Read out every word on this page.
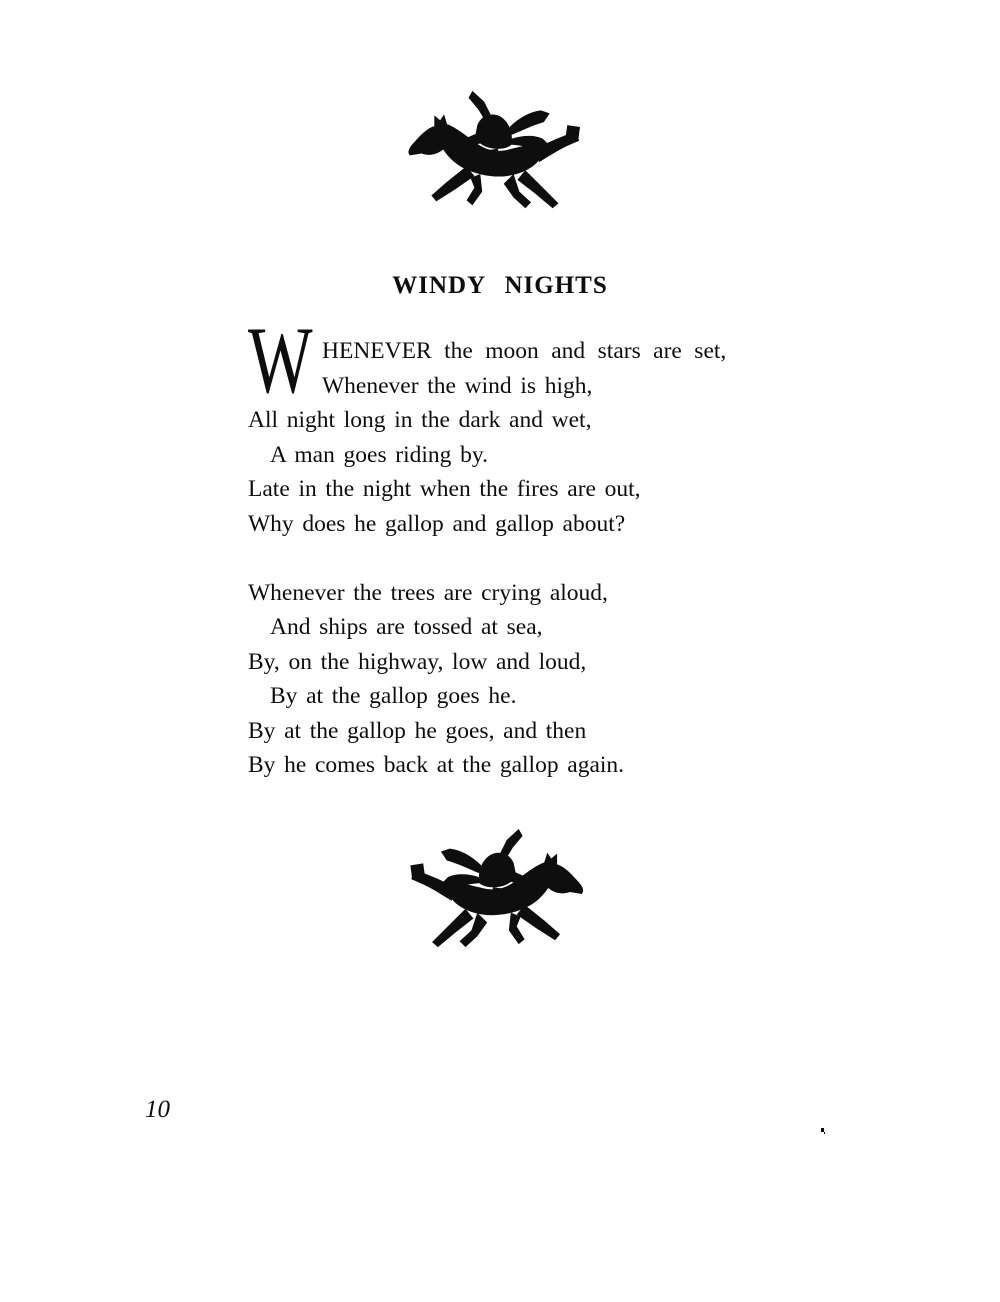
WINDY NIGHTS
W HENEVER the moon and stars are set,
Whenever the wind is high,
All night long in the dark and wet,
A man goes riding by.
Late in the night when the fires are out,
Why does he gallop and gallop about?
Whenever the trees are crying aloud,
And ships are tossed at sea,
By, on the highway, low and loud,
By at the gallop goes he.
By at the gallop he goes, and then
By he comes back at the gallop again.
10
